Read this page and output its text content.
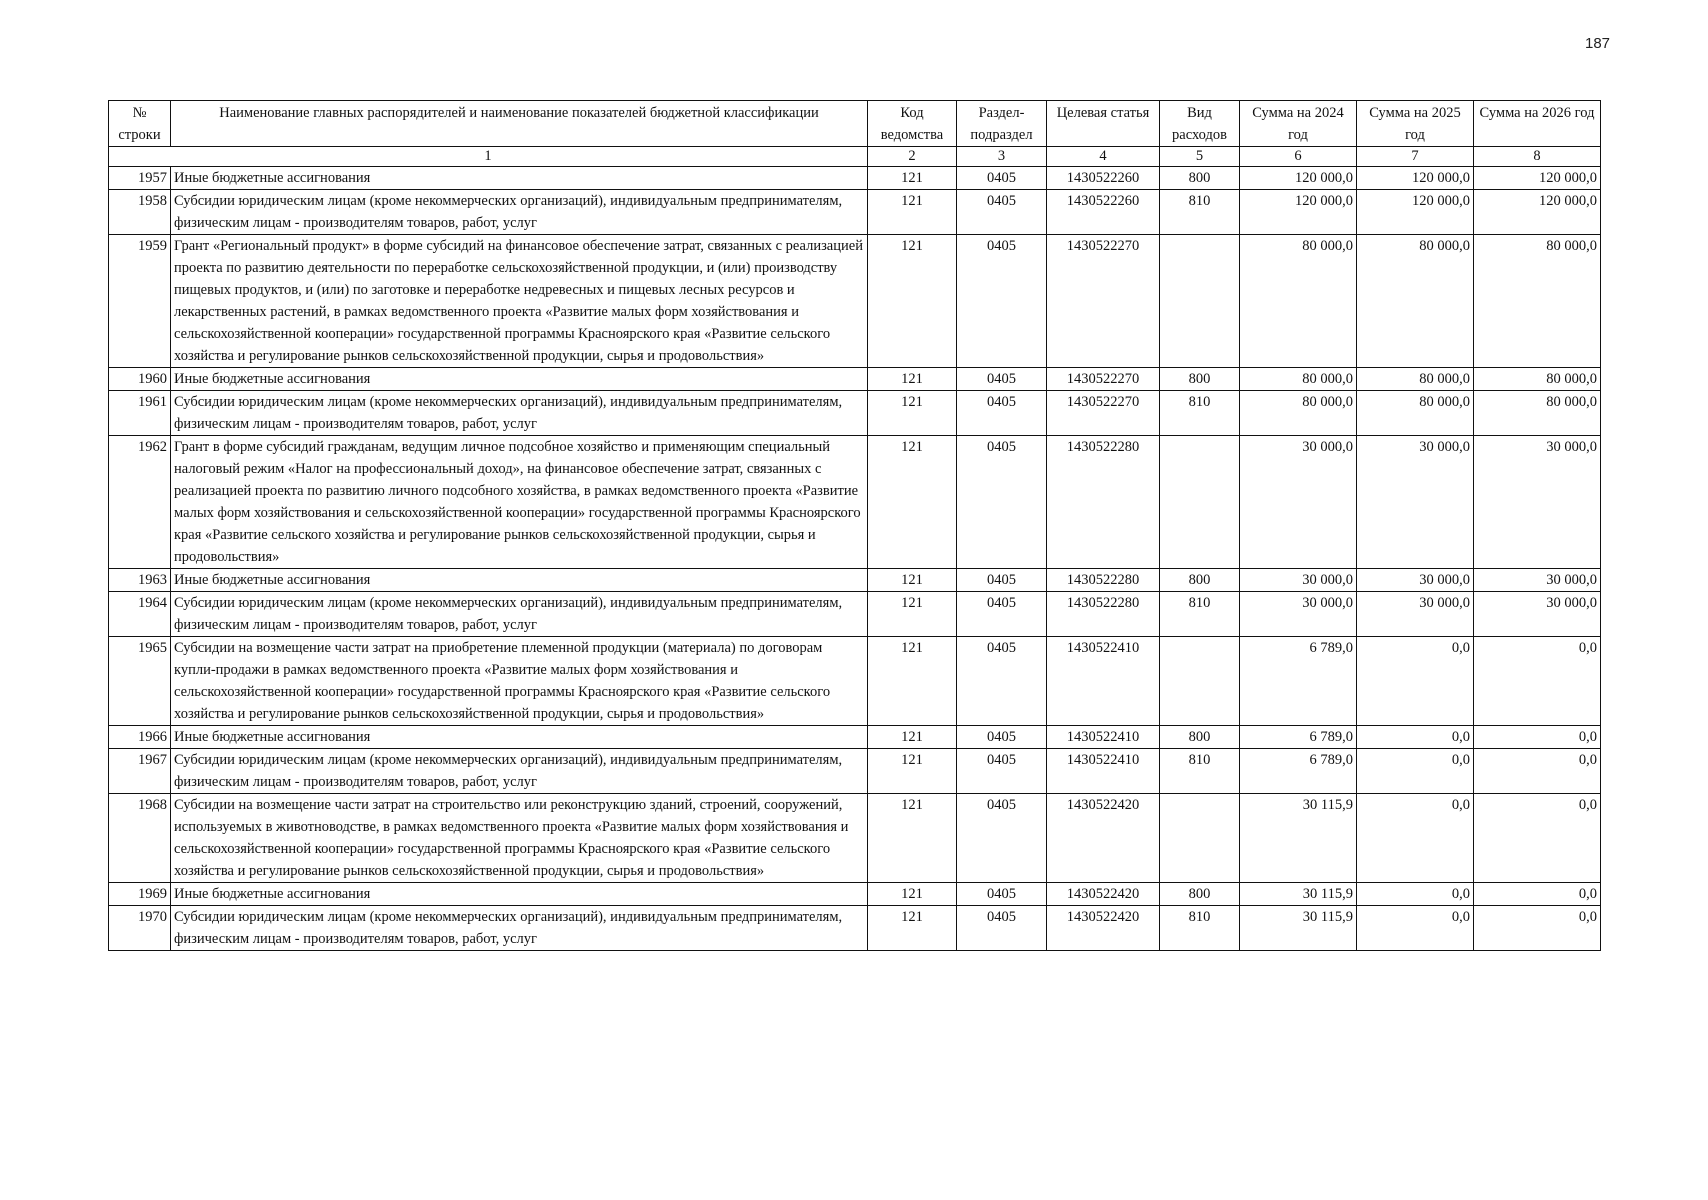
187
№ строки	Наименование главных распорядителей и наименование показателей бюджетной классификации	Код ведомства	Раздел-подраздел	Целевая статья	Вид расходов	Сумма на 2024 год	Сумма на 2025 год	Сумма на 2026 год
1		2	3	4	5	6	7	8
1957	Иные бюджетные ассигнования	121	0405	1430522260	800	120 000,0	120 000,0	120 000,0
1958	Субсидии юридическим лицам (кроме некоммерческих организаций), индивидуальным предпринимателям, физическим лицам - производителям товаров, работ, услуг	121	0405	1430522260	810	120 000,0	120 000,0	120 000,0
1959	Грант «Региональный продукт» в форме субсидий на финансовое обеспечение затрат, связанных с реализацией проекта по развитию деятельности по переработке сельскохозяйственной продукции, и (или) производству пищевых продуктов, и (или) по заготовке и переработке недревесных и пищевых лесных ресурсов и лекарственных растений, в рамках ведомственного проекта «Развитие малых форм хозяйствования и сельскохозяйственной кооперации» государственной программы Красноярского края «Развитие сельского хозяйства и регулирование рынков сельскохозяйственной продукции, сырья и продовольствия»	121	0405	1430522270		80 000,0	80 000,0	80 000,0
1960	Иные бюджетные ассигнования	121	0405	1430522270	800	80 000,0	80 000,0	80 000,0
1961	Субсидии юридическим лицам (кроме некоммерческих организаций), индивидуальным предпринимателям, физическим лицам - производителям товаров, работ, услуг	121	0405	1430522270	810	80 000,0	80 000,0	80 000,0
1962	Грант в форме субсидий гражданам, ведущим личное подсобное хозяйство и применяющим специальный налоговый режим «Налог на профессиональный доход», на финансовое обеспечение затрат, связанных с реализацией проекта по развитию личного подсобного хозяйства, в рамках ведомственного проекта «Развитие малых форм хозяйствования и сельскохозяйственной кооперации» государственной программы Красноярского края «Развитие сельского хозяйства и регулирование рынков сельскохозяйственной продукции, сырья и продовольствия»	121	0405	1430522280		30 000,0	30 000,0	30 000,0
1963	Иные бюджетные ассигнования	121	0405	1430522280	800	30 000,0	30 000,0	30 000,0
1964	Субсидии юридическим лицам (кроме некоммерческих организаций), индивидуальным предпринимателям, физическим лицам - производителям товаров, работ, услуг	121	0405	1430522280	810	30 000,0	30 000,0	30 000,0
1965	Субсидии на возмещение части затрат на приобретение племенной продукции (материала) по договорам купли-продажи в рамках ведомственного проекта «Развитие малых форм хозяйствования и сельскохозяйственной кооперации» государственной программы Красноярского края «Развитие сельского хозяйства и регулирование рынков сельскохозяйственной продукции, сырья и продовольствия»	121	0405	1430522410		6 789,0	0,0	0,0
1966	Иные бюджетные ассигнования	121	0405	1430522410	800	6 789,0	0,0	0,0
1967	Субсидии юридическим лицам (кроме некоммерческих организаций), индивидуальным предпринимателям, физическим лицам - производителям товаров, работ, услуг	121	0405	1430522410	810	6 789,0	0,0	0,0
1968	Субсидии на возмещение части затрат на строительство или реконструкцию зданий, строений, сооружений, используемых в животноводстве, в рамках ведомственного проекта «Развитие малых форм хозяйствования и сельскохозяйственной кооперации» государственной программы Красноярского края «Развитие сельского хозяйства и регулирование рынков сельскохозяйственной продукции, сырья и продовольствия»	121	0405	1430522420		30 115,9	0,0	0,0
1969	Иные бюджетные ассигнования	121	0405	1430522420	800	30 115,9	0,0	0,0
1970	Субсидии юридическим лицам (кроме некоммерческих организаций), индивидуальным предпринимателям, физическим лицам - производителям товаров, работ, услуг	121	0405	1430522420	810	30 115,9	0,0	0,0
